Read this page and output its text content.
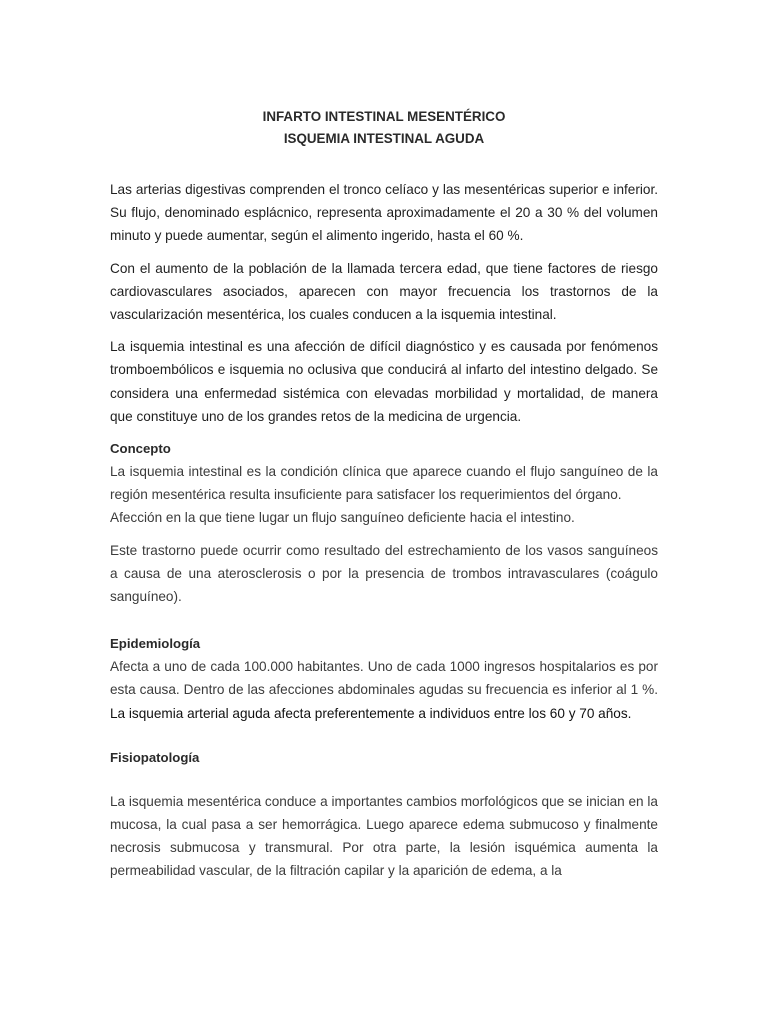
INFARTO INTESTINAL MESENTÉRICO
ISQUEMIA INTESTINAL AGUDA

Las arterias digestivas comprenden el tronco celíaco y las mesentéricas superior e inferior. Su flujo, denominado esplácnico, representa aproximadamente el 20 a 30 % del volumen minuto y puede aumentar, según el alimento ingerido, hasta el 60 %.

Con el aumento de la población de la llamada tercera edad, que tiene factores de riesgo cardiovasculares asociados, aparecen con mayor frecuencia los trastornos de la vascularización mesentérica, los cuales conducen a la isquemia intestinal.

La isquemia intestinal es una afección de difícil diagnóstico y es causada por fenómenos tromboembólicos e isquemia no oclusiva que conducirá al infarto del intestino delgado. Se considera una enfermedad sistémica con elevadas morbilidad y mortalidad, de manera que constituye uno de los grandes retos de la medicina de urgencia.

Concepto

La isquemia intestinal es la condición clínica que aparece cuando el flujo sanguíneo de la región mesentérica resulta insuficiente para satisfacer los requerimientos del órgano.

Afección en la que tiene lugar un flujo sanguíneo deficiente hacia el intestino.

Este trastorno puede ocurrir como resultado del estrechamiento de los vasos sanguíneos a causa de una aterosclerosis o por la presencia de trombos intravasculares (coágulo sanguíneo).

Epidemiología

Afecta a uno de cada 100.000 habitantes. Uno de cada 1000 ingresos hospitalarios es por esta causa. Dentro de las afecciones abdominales agudas su frecuencia es inferior al 1 %. La isquemia arterial aguda afecta preferentemente a individuos entre los 60 y 70 años.

Fisiopatología

La isquemia mesentérica conduce a importantes cambios morfológicos que se inician en la mucosa, la cual pasa a ser hemorrágica. Luego aparece edema submucoso y finalmente necrosis submucosa y transmural. Por otra parte, la lesión isquémica aumenta la permeabilidad vascular, de la filtración capilar y la aparición de edema, a la
